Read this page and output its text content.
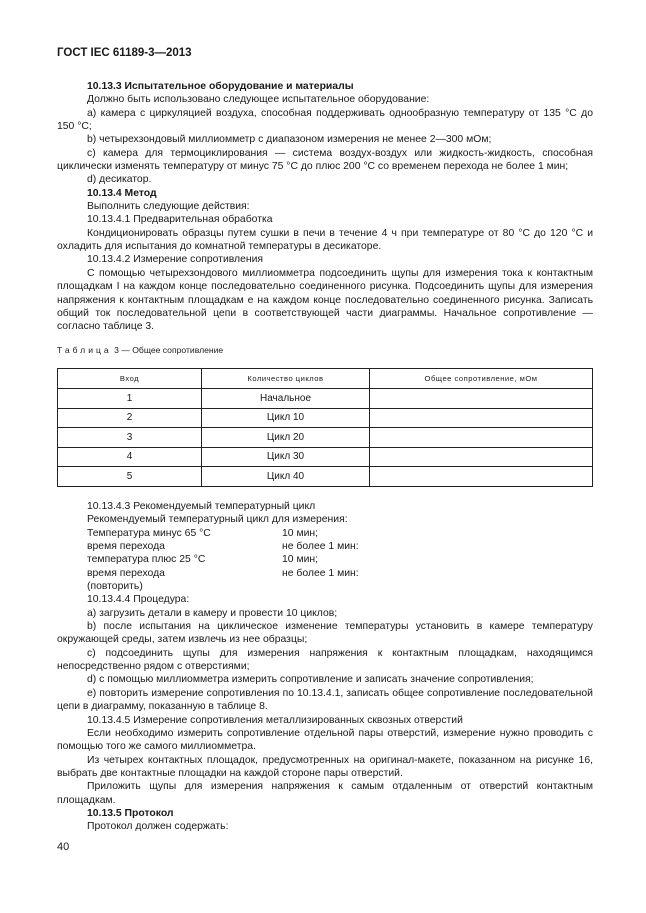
ГОСТ IEC 61189-3—2013

10.13.3 Испытательное оборудование и материалы

Должно быть использовано следующее испытательное оборудование:

a) камера с циркуляцией воздуха, способная поддерживать однообразную температуру от 135 °С до 150 °С;

b) четырехзондовый миллиомметр с диапазоном измерения не менее 2—300 мОм;

c) камера для термоциклирования — система воздух-воздух или жидкость-жидкость, способная циклически изменять температуру от минус 75 °С до плюс 200 °С со временем перехода не более 1 мин;

d) десикатор.

10.13.4 Метод

Выполнить следующие действия:

10.13.4.1 Предварительная обработка

Кондиционировать образцы путем сушки в печи в течение 4 ч при температуре от 80 °С до 120 °С и охладить для испытания до комнатной температуры в десикаторе.

10.13.4.2 Измерение сопротивления

С помощью четырехзондового миллиомметра подсоединить щупы для измерения тока к контактным площадкам I на каждом конце последовательно соединенного рисунка. Подсоединить щупы для измерения напряжения к контактным площадкам e на каждом конце последовательно соединенного рисунка. Записать общий ток последовательной цепи в соответствующей части диаграммы. Начальное сопротивление — согласно таблице 3.

Таблица 3 — Общее сопротивление
Вход	Количество циклов	Общее сопротивление, мОм
1	Начальное	
2	Цикл 10	
3	Цикл 20	
4	Цикл 30	
5	Цикл 40	

10.13.4.3 Рекомендуемый температурный цикл

Рекомендуемый температурный цикл для измерения:

Температура минус 65 °С	10 мин;
время перехода	не более 1 мин:
температура плюс 25 °С	10 мин;
время перехода	не более 1 мин:
(повторить)

10.13.4.4 Процедура:

a) загрузить детали в камеру и провести 10 циклов;

b) после испытания на циклическое изменение температуры установить в камере температуру окружающей среды, затем извлечь из нее образцы;

c) подсоединить щупы для измерения напряжения к контактным площадкам, находящимся непосредственно рядом с отверстиями;

d) с помощью миллиомметра измерить сопротивление и записать значение сопротивления;

e) повторить измерение сопротивления по 10.13.4.1, записать общее сопротивление последовательной цепи в диаграмму, показанную в таблице 8.

10.13.4.5 Измерение сопротивления металлизированных сквозных отверстий

Если необходимо измерить сопротивление отдельной пары отверстий, измерение нужно проводить с помощью того же самого миллиомметра.

Из четырех контактных площадок, предусмотренных на оригинал-макете, показанном на рисунке 16, выбрать две контактные площадки на каждой стороне пары отверстий.

Приложить щупы для измерения напряжения к самым отдаленным от отверстий контактным площадкам.

10.13.5 Протокол

Протокол должен содержать:

40
